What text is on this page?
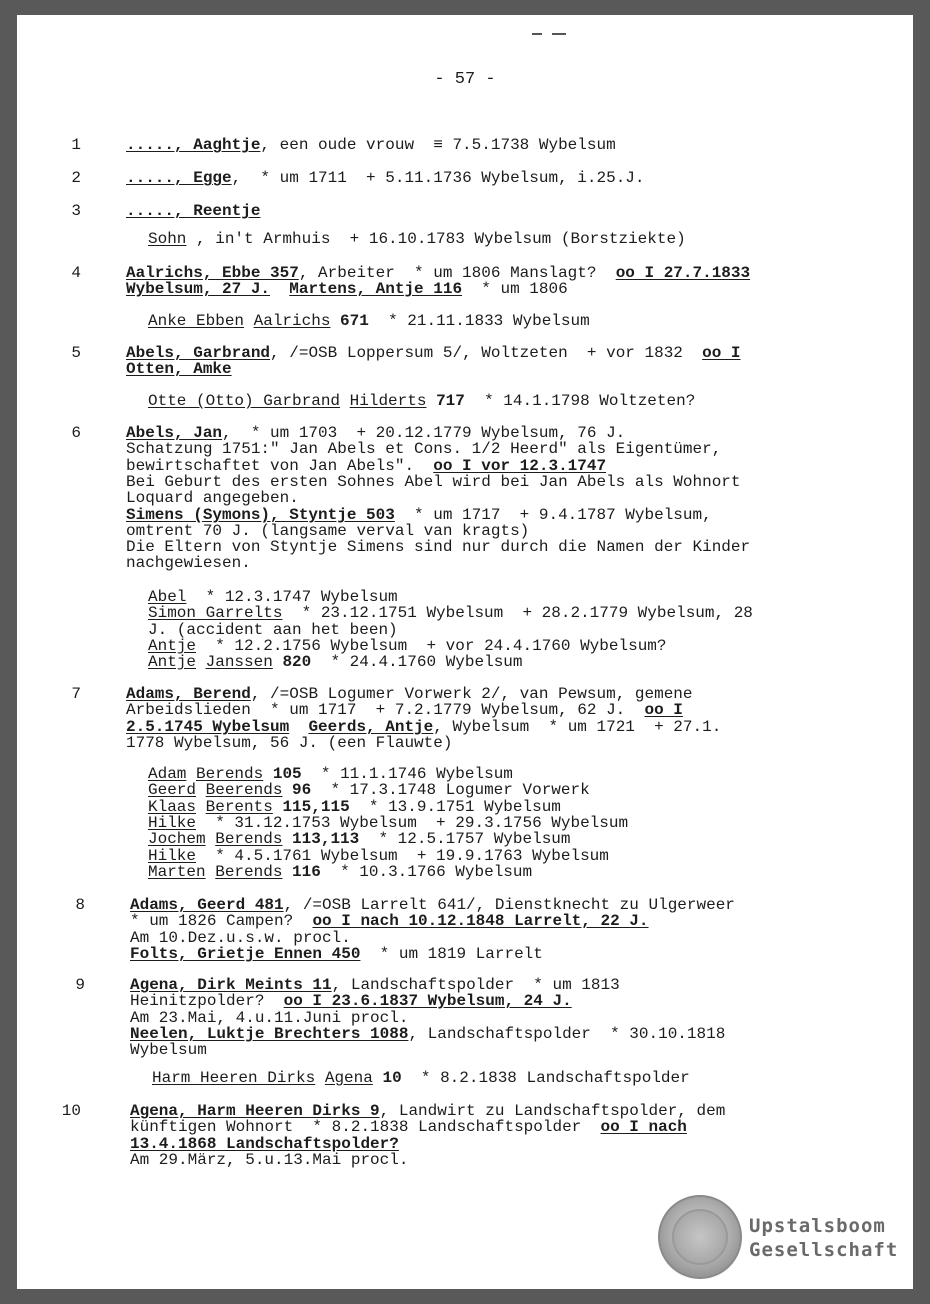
- 57 -
1	....., Aaghtje, een oude vrouw  ≡ 7.5.1738 Wybelsum
2	....., Egge,  * um 1711  + 5.11.1736 Wybelsum, i.25.J.
3	....., Reentje
Sohn , in't Armhuis  + 16.10.1783 Wybelsum (Borstziekte)
4	Aalrichs, Ebbe 357, Arbeiter  * um 1806 Manslagt?  oo I 27.7.1833
Wybelsum, 27 J. Martens, Antje 116  * um 1806
Anke Ebben Aalrichs 671  * 21.11.1833 Wybelsum
5	Abels, Garbrand, /=OSB Loppersum 5/, Woltzeten  + vor 1832  oo I
Otten, Amke
Otte (Otto) Garbrand Hilderts 717  * 14.1.1798 Woltzeten?
6	Abels, Jan,  * um 1703  + 20.12.1779 Wybelsum, 76 J.
Schatzung 1751:" Jan Abels et Cons. 1/2 Heerd" als Eigentümer,
bewirtschaftet von Jan Abels".  oo I vor 12.3.1747
Bei Geburt des ersten Sohnes Abel wird bei Jan Abels als Wohnort
Loquard angegeben.
Simens (Symons), Styntje 503  * um 1717  + 9.4.1787 Wybelsum,
omtrent 70 J. (langsame verval van kragts)
Die Eltern von Styntje Simens sind nur durch die Namen der Kinder
nachgewiesen.
Abel  * 12.3.1747 Wybelsum
Simon Garrelts  * 23.12.1751 Wybelsum  + 28.2.1779 Wybelsum, 28
J. (accident aan het been)
Antje  * 12.2.1756 Wybelsum  + vor 24.4.1760 Wybelsum?
Antje Janssen 820  * 24.4.1760 Wybelsum
7	Adams, Berend, /=OSB Logumer Vorwerk 2/, van Pewsum, gemene
Arbeidslieden  * um 1717  + 7.2.1779 Wybelsum, 62 J.  oo I
2.5.1745 Wybelsum Geerds, Antje, Wybelsum  * um 1721  + 27.1.
1778 Wybelsum, 56 J. (een Flauwte)
Adam Berends 105  * 11.1.1746 Wybelsum
Geerd Beerends 96  * 17.3.1748 Logumer Vorwerk
Klaas Berents 115,115  * 13.9.1751 Wybelsum
Hilke  * 31.12.1753 Wybelsum  + 29.3.1756 Wybelsum
Jochem Berends 113,113  * 12.5.1757 Wybelsum
Hilke  * 4.5.1761 Wybelsum  + 19.9.1763 Wybelsum
Marten Berends 116  * 10.3.1766 Wybelsum
8	Adams, Geerd 481, /=OSB Larrelt 641/, Dienstknecht zu Ulgerweer
* um 1826 Campen?  oo I nach 10.12.1848 Larrelt, 22 J.
Am 10.Dez.u.s.w. procl.
Folts, Grietje Ennen 450  * um 1819 Larrelt
9	Agena, Dirk Meints 11, Landschaftspolder  * um 1813
Heinitzpolder?  oo I 23.6.1837 Wybelsum, 24 J.
Am 23.Mai, 4.u.11.Juni procl.
Neelen, Luktje Brechters 1088, Landschaftspolder  * 30.10.1818
Wybelsum
Harm Heeren Dirks Agena 10  * 8.2.1838 Landschaftspolder
10	Agena, Harm Heeren Dirks 9, Landwirt zu Landschaftspolder, dem
künftigen Wohnort  * 8.2.1838 Landschaftspolder  oo I nach
13.4.1868 Landschaftspolder?
Am 29.März, 5.u.13.Mai procl.
Upstalsboom
Gesellschaft
